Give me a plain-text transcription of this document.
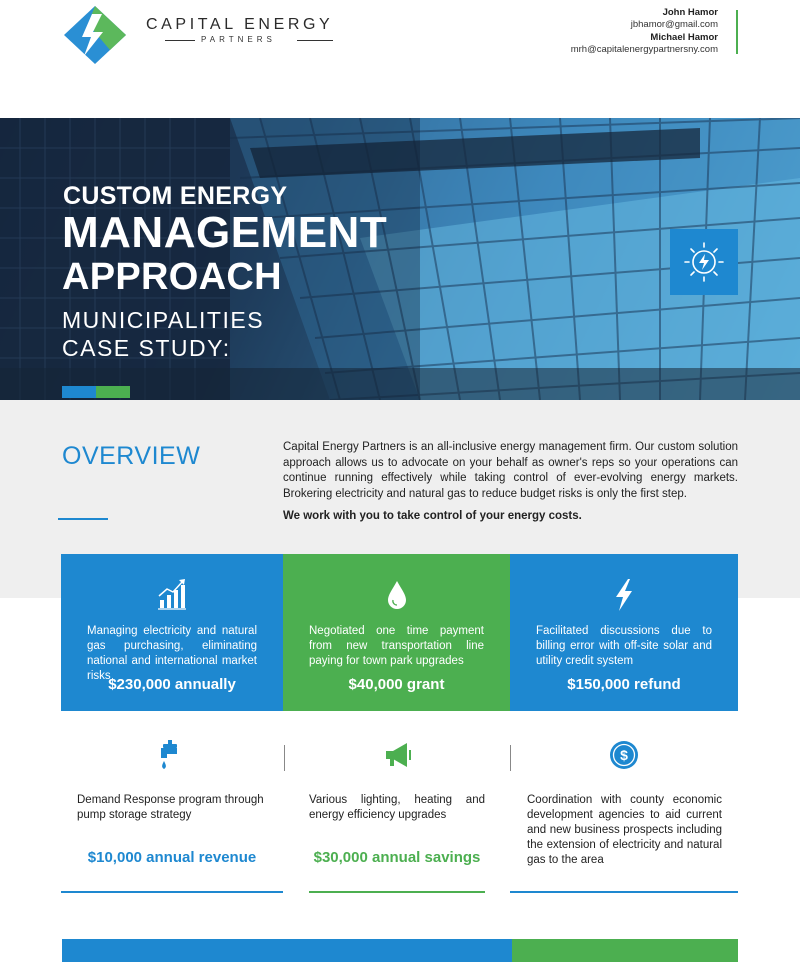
CAPITAL ENERGY
PARTNERS
John Hamor
jbhamor@gmail.com
Michael Hamor
mrh@capitalenergypartnersny.com
CUSTOM ENERGY
MANAGEMENT
APPROACH
MUNICIPALITIES
CASE STUDY:
OVERVIEW	Capital Energy Partners is an all-inclusive energy management firm. Our custom solution approach allows us to advocate on your behalf as owner's reps so your operations can continue running effectively while taking control of ever-evolving energy markets. Brokering electricity and natural gas to reduce budget risks is only the first step.
We work with you to take control of your energy costs.
Managing electricity and natural gas purchasing, eliminating national and international market risks
$230,000 annually
Negotiated one time payment from new transportation line paying for town park upgrades
$40,000 grant
Facilitated discussions due to billing error with off-site solar and utility credit system
$150,000 refund
Demand Response program through pump storage strategy
$10,000 annual revenue
Various lighting, heating and energy efficiency upgrades
$30,000 annual savings
$
Coordination with county economic development agencies to aid current and new business prospects including the extension of electricity and natural gas to the area
